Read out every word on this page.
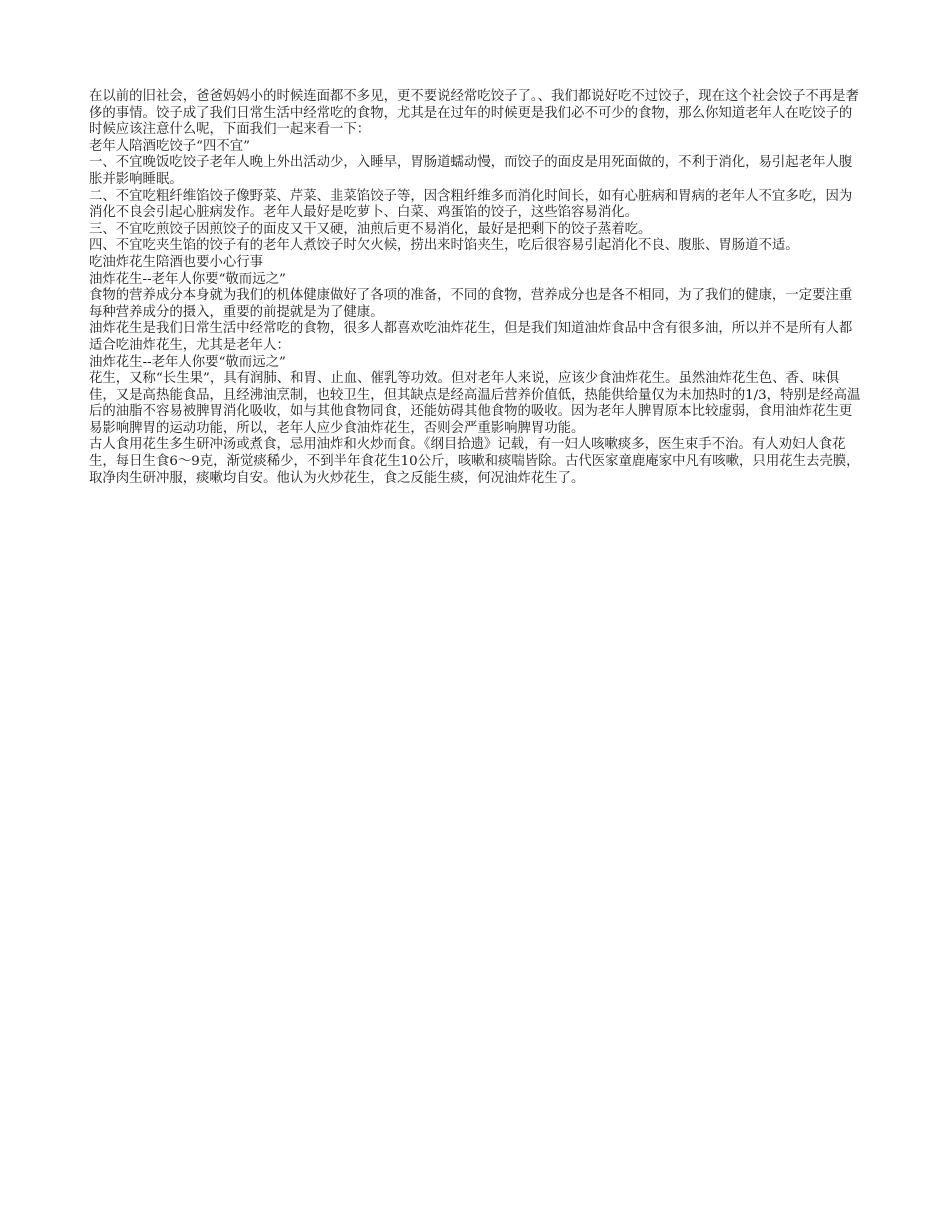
在以前的旧社会，爸爸妈妈小的时候连面都不多见，更不要说经常吃饺子了。、我们都说好吃不过饺子，现在这个社会饺子不再是奢侈的事情。饺子成了我们日常生活中经常吃的食物，尤其是在过年的时候更是我们必不可少的食物，那么你知道老年人在吃饺子的时候应该注意什么呢，下面我们一起来看一下：

老年人陪酒吃饺子“四不宜”

一、不宜晚饭吃饺子老年人晚上外出活动少，入睡早，胃肠道蠕动慢，而饺子的面皮是用死面做的，不利于消化，易引起老年人腹胀并影响睡眠。

二、不宜吃粗纤维馅饺子像野菜、芹菜、韭菜馅饺子等，因含粗纤维多而消化时间长，如有心脏病和胃病的老年人不宜多吃，因为消化不良会引起心脏病发作。老年人最好是吃萝卜、白菜、鸡蛋馅的饺子，这些馅容易消化。

三、不宜吃煎饺子因煎饺子的面皮又干又硬，油煎后更不易消化，最好是把剩下的饺子蒸着吃。

四、不宜吃夹生馅的饺子有的老年人煮饺子时欠火候，捞出来时馅夹生，吃后很容易引起消化不良、腹胀、胃肠道不适。

吃油炸花生陪酒也要小心行事

油炸花生--老年人你要“敬而远之”

食物的营养成分本身就为我们的机体健康做好了各项的准备，不同的食物，营养成分也是各不相同，为了我们的健康，一定要注重每种营养成分的摄入，重要的前提就是为了健康。

油炸花生是我们日常生活中经常吃的食物，很多人都喜欢吃油炸花生，但是我们知道油炸食品中含有很多油，所以并不是所有人都适合吃油炸花生，尤其是老年人：

油炸花生--老年人你要“敬而远之”

花生，又称“长生果”，具有润肺、和胃、止血、催乳等功效。但对老年人来说，应该少食油炸花生。虽然油炸花生色、香、味俱佳，又是高热能食品，且经沸油烹制，也较卫生，但其缺点是经高温后营养价值低，热能供给量仅为未加热时的1/3，特别是经高温后的油脂不容易被脾胃消化吸收，如与其他食物同食，还能妨碍其他食物的吸收。因为老年人脾胃原本比较虚弱，食用油炸花生更易影响脾胃的运动功能，所以，老年人应少食油炸花生，否则会严重影响脾胃功能。

古人食用花生多生研冲汤或煮食，忌用油炸和火炒而食。《纲目拾遗》记载，有一妇人咳嗽痰多，医生束手不治。有人劝妇人食花生，每日生食6～9克，渐觉痰稀少，不到半年食花生10公斤，咳嗽和痰喘皆除。古代医家童鹿庵家中凡有咳嗽，只用花生去壳膜，取净肉生研冲服，痰嗽均自安。他认为火炒花生，食之反能生痰，何况油炸花生了。
